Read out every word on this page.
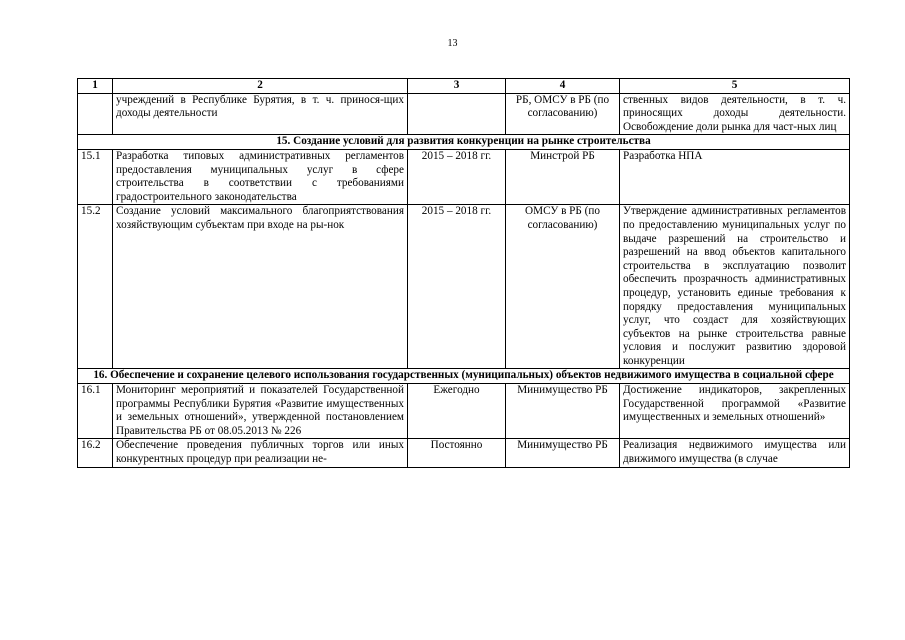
13
1	2	3	4	5
	учреждений в Республике Бурятия, в т. ч. принося-щих доходы деятельности		РБ, ОМСУ в РБ (по согласованию)	ственных видов деятельности, в т. ч. приносящих доходы деятельности. Освобождение доли рынка для част-ных лиц
15. Создание условий для развития конкуренции на рынке строительства				
15.1	Разработка типовых административных регламентов предоставления муниципальных услуг в сфере строительства в соответствии с требованиями градостроительного законодательства	2015 – 2018 гг.	Минстрой РБ	Разработка НПА
15.2	Создание условий максимального благоприятствования хозяйствующим субъектам при входе на ры-нок	2015 – 2018 гг.	ОМСУ в РБ (по согласованию)	Утверждение административных регламентов по предоставлению муниципальных услуг по выдаче разрешений на строительство и разрешений на ввод объектов капитального строительства в эксплуатацию позволит обеспечить прозрачность административных процедур, установить единые требования к порядку предоставления муниципальных услуг, что создаст для хозяйствующих субъектов на рынке строительства равные условия и послужит развитию здоровой конкуренции
16. Обеспечение и сохранение целевого использования государственных (муниципальных) объектов недвижимого имущества в социальной сфере				
16.1	Мониторинг мероприятий и показателей Государственной программы Республики Бурятия «Развитие имущественных и земельных отношений», утвержденной постановлением Правительства РБ от 08.05.2013 № 226	Ежегодно	Минимущество РБ	Достижение индикаторов, закрепленных Государственной программой «Развитие имущественных и земельных отношений»
16.2	Обеспечение проведения публичных торгов или иных конкурентных процедур при реализации не-	Постоянно	Минимущество РБ	Реализация недвижимого имущества или движимого имущества (в случае
